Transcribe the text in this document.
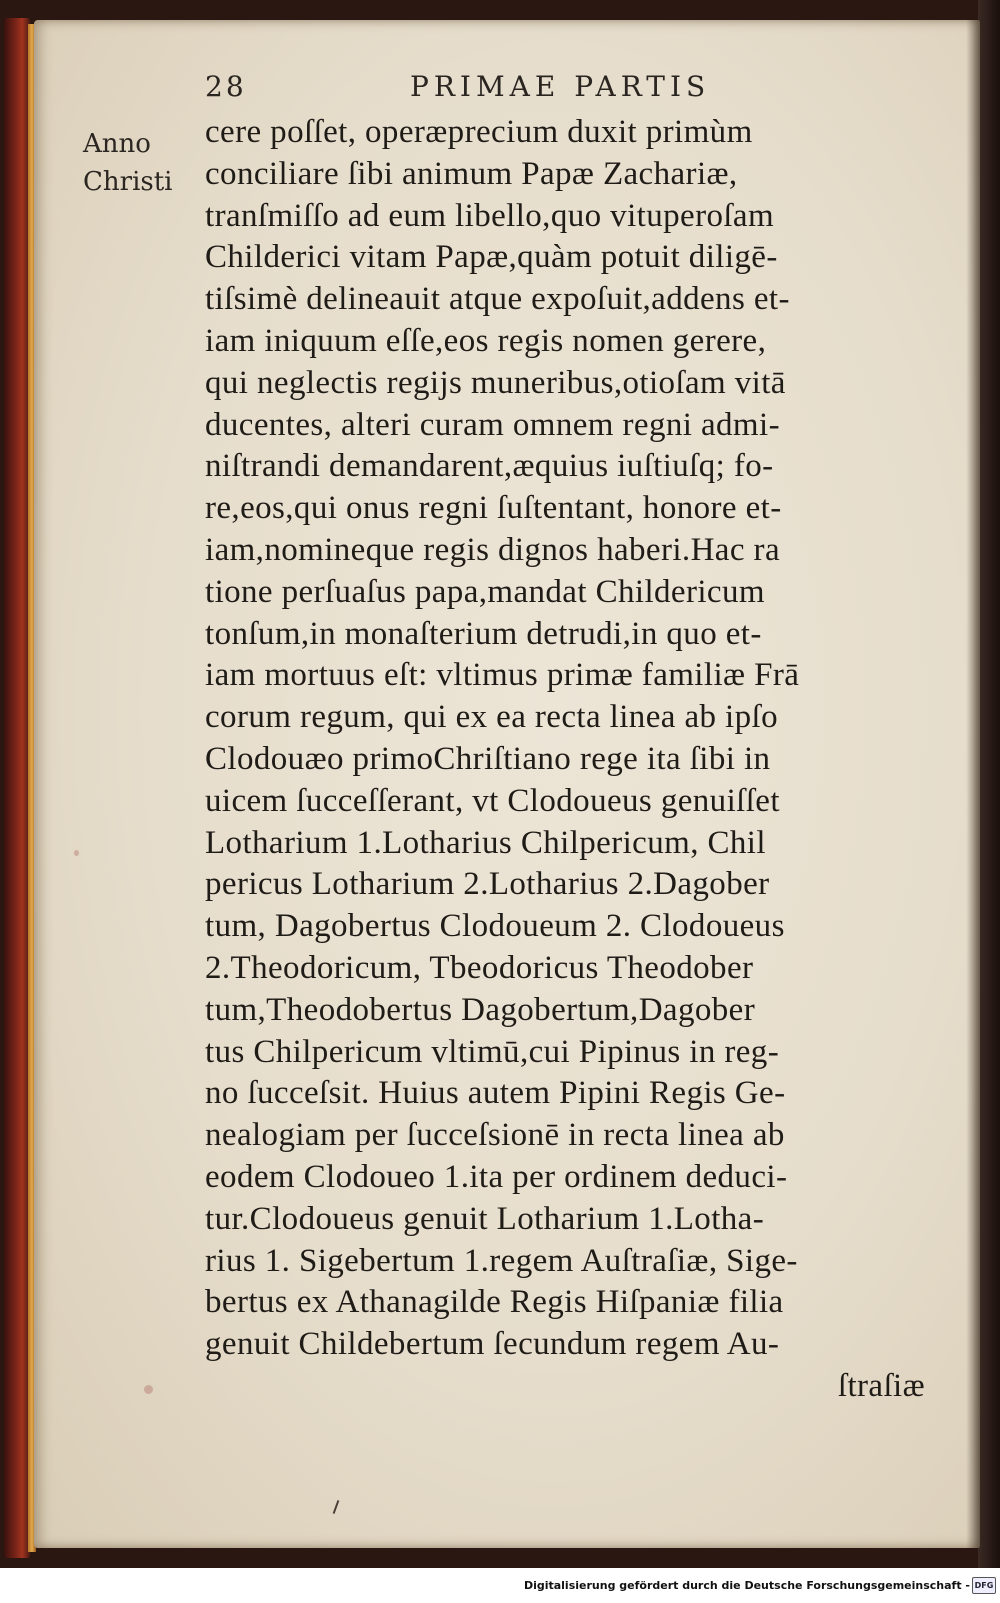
28	PRIMAE PARTIS
Anno
Christi
cere poſſet, operæprecium duxit primùm
conciliare ſibi animum Papæ Zachariæ,
tranſmiſſo ad eum libello,quo vituperoſam
Childerici vitam Papæ,quàm potuit diligē-
tiſsimè delineauit atque expoſuit,addens et-
iam iniquum eſſe,eos regis nomen gerere,
qui neglectis regijs muneribus,otioſam vitā
ducentes, alteri curam omnem regni admi-
niſtrandi demandarent,æquius iuſtiuſq; fo-
re,eos,qui onus regni ſuſtentant, honore et-
iam,nomineque regis dignos haberi.Hac ra
tione perſuaſus papa,mandat Childericum
tonſum,in monaſterium detrudi,in quo et-
iam mortuus eſt: vltimus primæ familiæ Frā
corum regum, qui ex ea recta linea ab ipſo
Clodouæo primoChriſtiano rege ita ſibi in
uicem ſucceſſerant, vt Clodoueus genuiſſet
Lotharium 1.Lotharius Chilpericum, Chil
pericus Lotharium 2.Lotharius 2.Dagober
tum, Dagobertus Clodoueum 2. Clodoueus
2.Theodoricum, Tbeodoricus Theodober
tum,Theodobertus Dagobertum,Dagober
tus Chilpericum vltimū,cui Pipinus in reg-
no ſucceſsit. Huius autem Pipini Regis Ge-
nealogiam per ſucceſsionē in recta linea ab
eodem Clodoueo 1.ita per ordinem deduci-
tur.Clodoueus genuit Lotharium 1.Lotha-
rius 1. Sigebertum 1.regem Auſtraſiæ, Sige-
bertus ex Athanagilde Regis Hiſpaniæ filia
genuit Childebertum ſecundum regem Au-
ſtraſiæ
Digitalisierung gefördert durch die Deutsche Forschungsgemeinschaft - DFG
